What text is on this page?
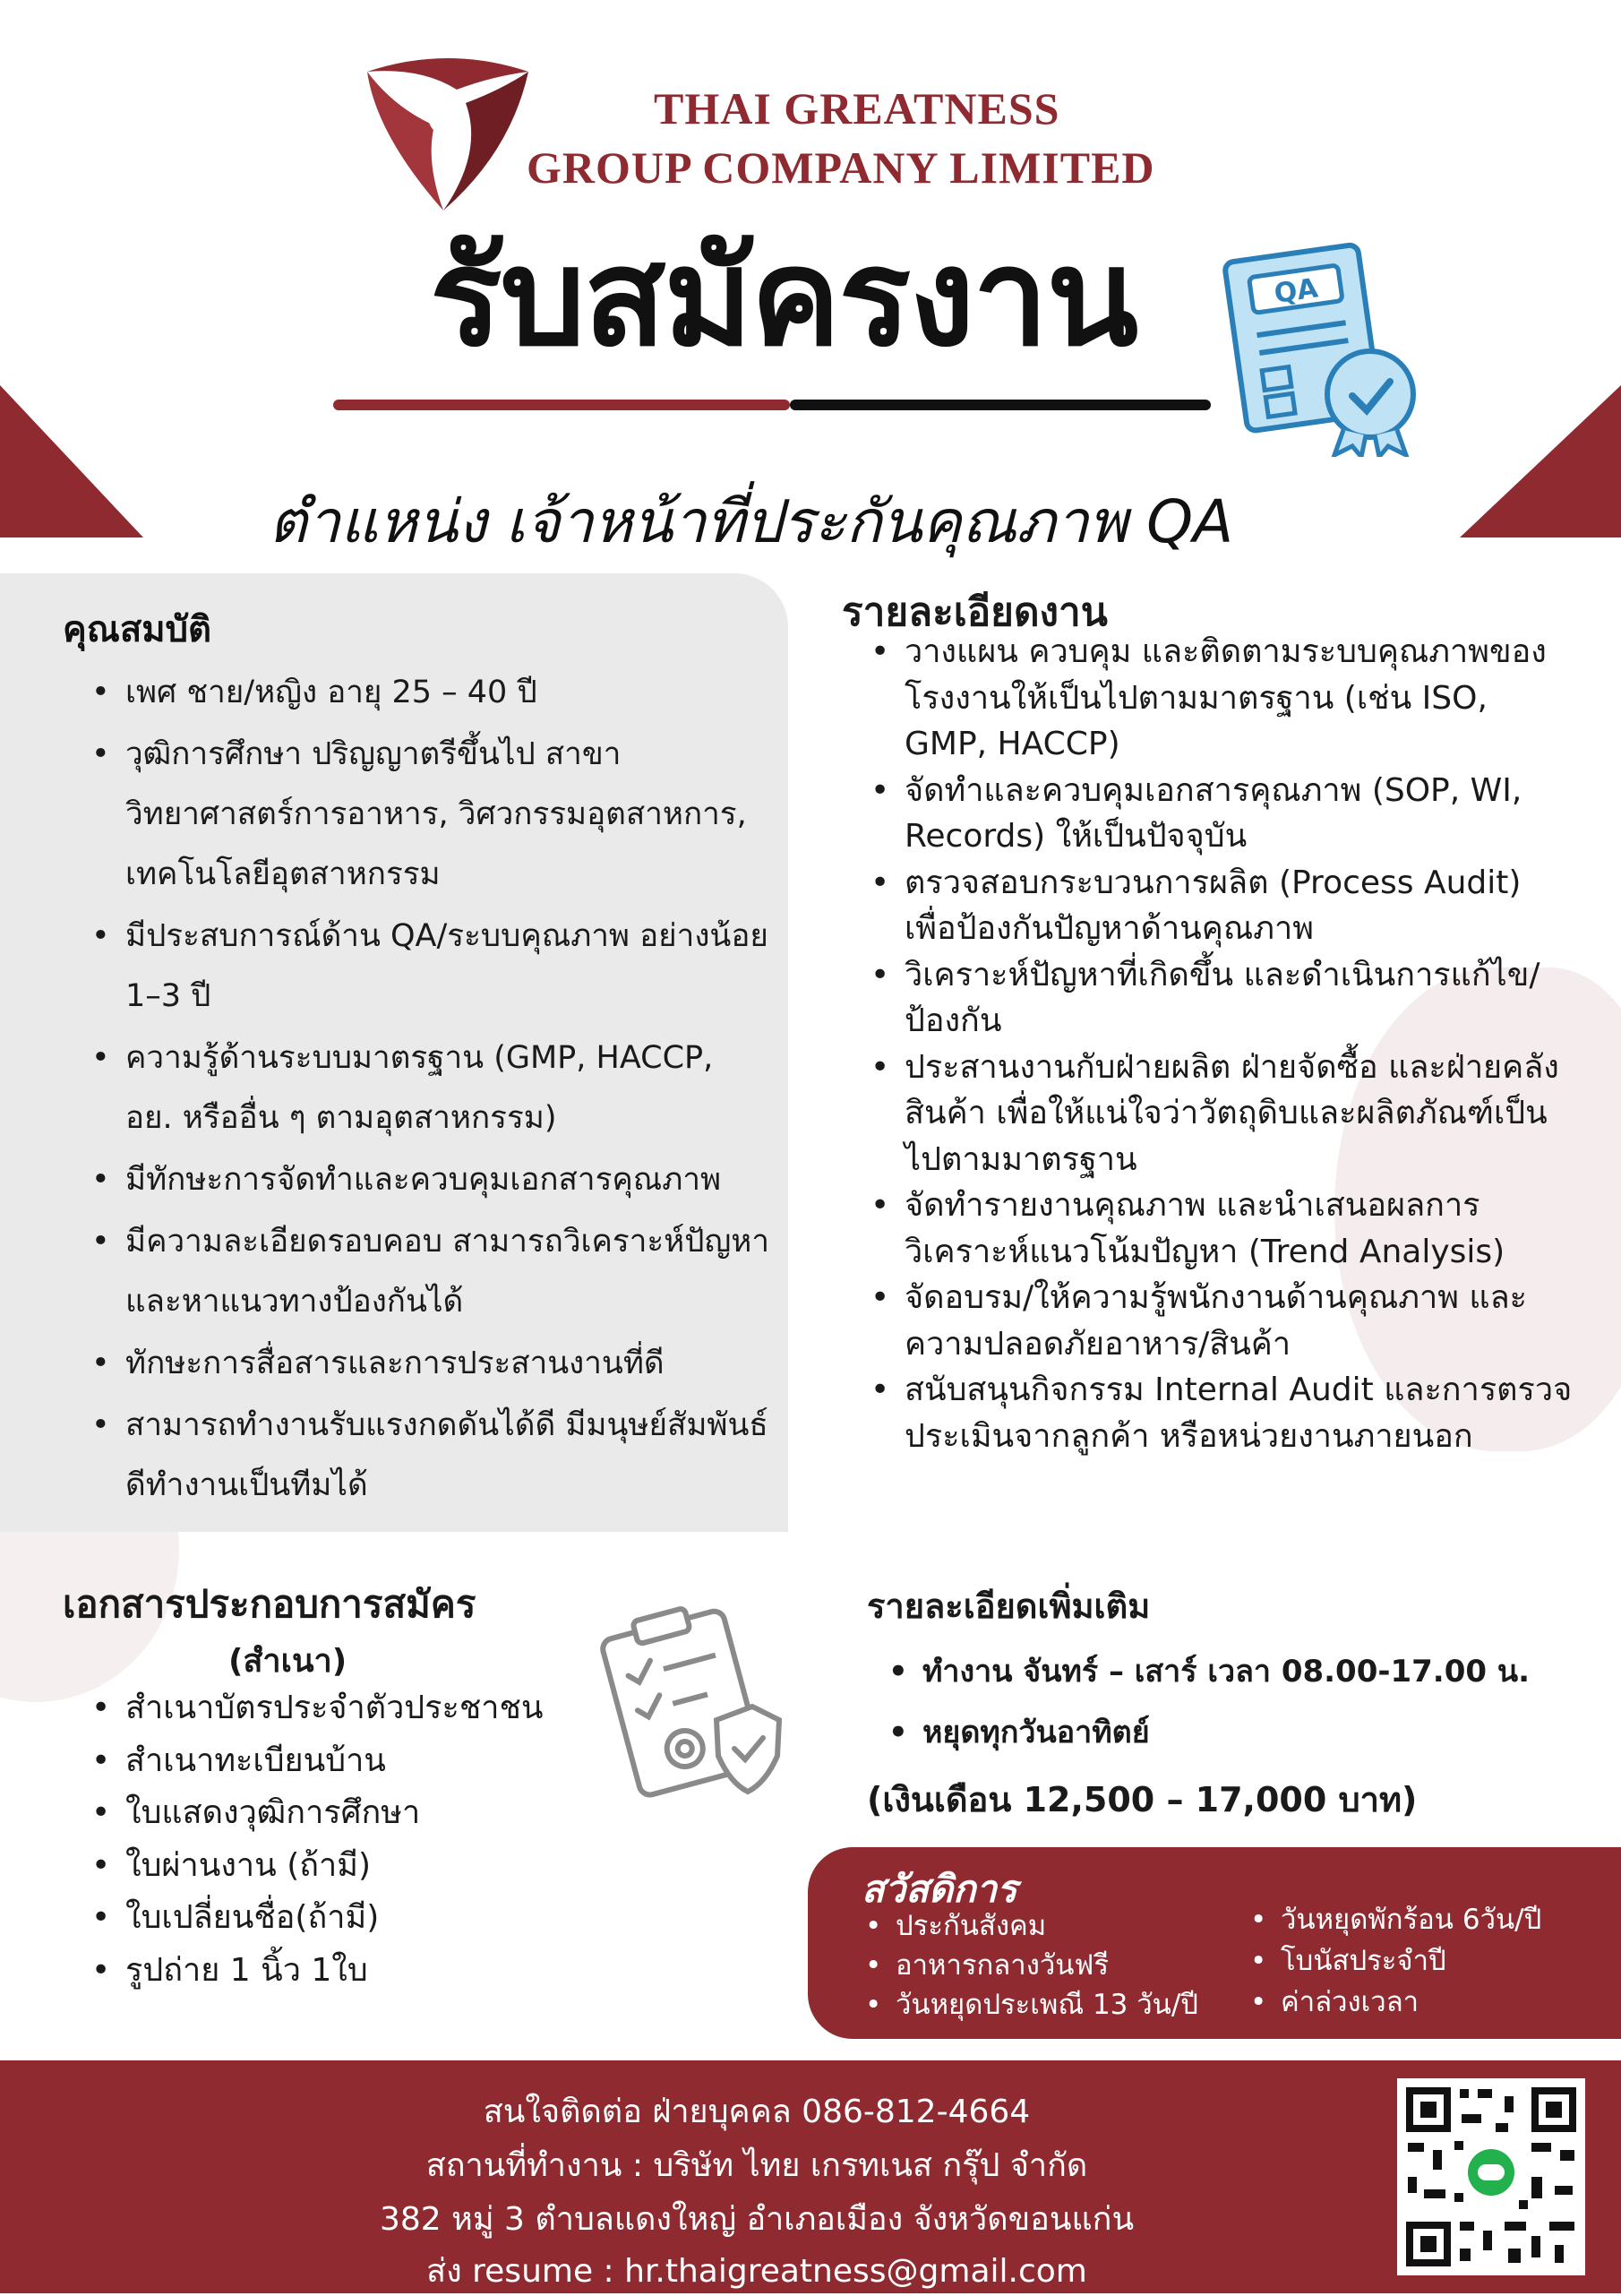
THAI GREATNESS
GROUP COMPANY LIMITED
รับสมัครงาน	QA
ตำแหน่ง เจ้าหน้าที่ประกันคุณภาพ QA
คุณสมบัติ
• เพศ ชาย/หญิง อายุ 25 – 40 ปี
• วุฒิการศึกษา ปริญญาตรีขึ้นไป สาขาวิทยาศาสตร์การอาหาร, วิศวกรรมอุตสาหการ, เทคโนโลยีอุตสาหกรรม
• มีประสบการณ์ด้าน QA/ระบบคุณภาพ อย่างน้อย 1–3 ปี
• ความรู้ด้านระบบมาตรฐาน (GMP, HACCP, อย. หรืออื่น ๆ ตามอุตสาหกรรม)
• มีทักษะการจัดทำและควบคุมเอกสารคุณภาพ
• มีความละเอียดรอบคอบ สามารถวิเคราะห์ปัญหาและหาแนวทางป้องกันได้
• ทักษะการสื่อสารและการประสานงานที่ดี
• สามารถทำงานรับแรงกดดันได้ดี มีมนุษย์สัมพันธ์ดีทำงานเป็นทีมได้
รายละเอียดงาน
• วางแผน ควบคุม และติดตามระบบคุณภาพของโรงงานให้เป็นไปตามมาตรฐาน (เช่น ISO, GMP, HACCP)
• จัดทำและควบคุมเอกสารคุณภาพ (SOP, WI, Records) ให้เป็นปัจจุบัน
• ตรวจสอบกระบวนการผลิต (Process Audit) เพื่อป้องกันปัญหาด้านคุณภาพ
• วิเคราะห์ปัญหาที่เกิดขึ้น และดำเนินการแก้ไข/ป้องกัน
• ประสานงานกับฝ่ายผลิต ฝ่ายจัดซื้อ และฝ่ายคลังสินค้า เพื่อให้แน่ใจว่าวัตถุดิบและผลิตภัณฑ์เป็นไปตามมาตรฐาน
• จัดทำรายงานคุณภาพ และนำเสนอผลการวิเคราะห์แนวโน้มปัญหา (Trend Analysis)
• จัดอบรม/ให้ความรู้พนักงานด้านคุณภาพ และความปลอดภัยอาหาร/สินค้า
• สนับสนุนกิจกรรม Internal Audit และการตรวจประเมินจากลูกค้า หรือหน่วยงานภายนอก
เอกสารประกอบการสมัคร
(สำเนา)
• สำเนาบัตรประจำตัวประชาชน
• สำเนาทะเบียนบ้าน
• ใบแสดงวุฒิการศึกษา
• ใบผ่านงาน (ถ้ามี)
• ใบเปลี่ยนชื่อ(ถ้ามี)
• รูปถ่าย 1 นิ้ว 1ใบ
รายละเอียดเพิ่มเติม
• ทำงาน จันทร์ – เสาร์ เวลา 08.00-17.00 น.
• หยุดทุกวันอาทิตย์
(เงินเดือน 12,500 – 17,000 บาท)
สวัสดิการ
• ประกันสังคม
• อาหารกลางวันฟรี
• วันหยุดประเพณี 13 วัน/ปี
• วันหยุดพักร้อน 6วัน/ปี
• โบนัสประจำปี
• ค่าล่วงเวลา
สนใจติดต่อ ฝ่ายบุคคล 086-812-4664
สถานที่ทำงาน : บริษัท ไทย เกรทเนส กรุ๊ป จำกัด
382 หมู่ 3 ตำบลแดงใหญ่ อำเภอเมือง จังหวัดขอนแก่น
ส่ง resume : hr.thaigreatness@gmail.com
